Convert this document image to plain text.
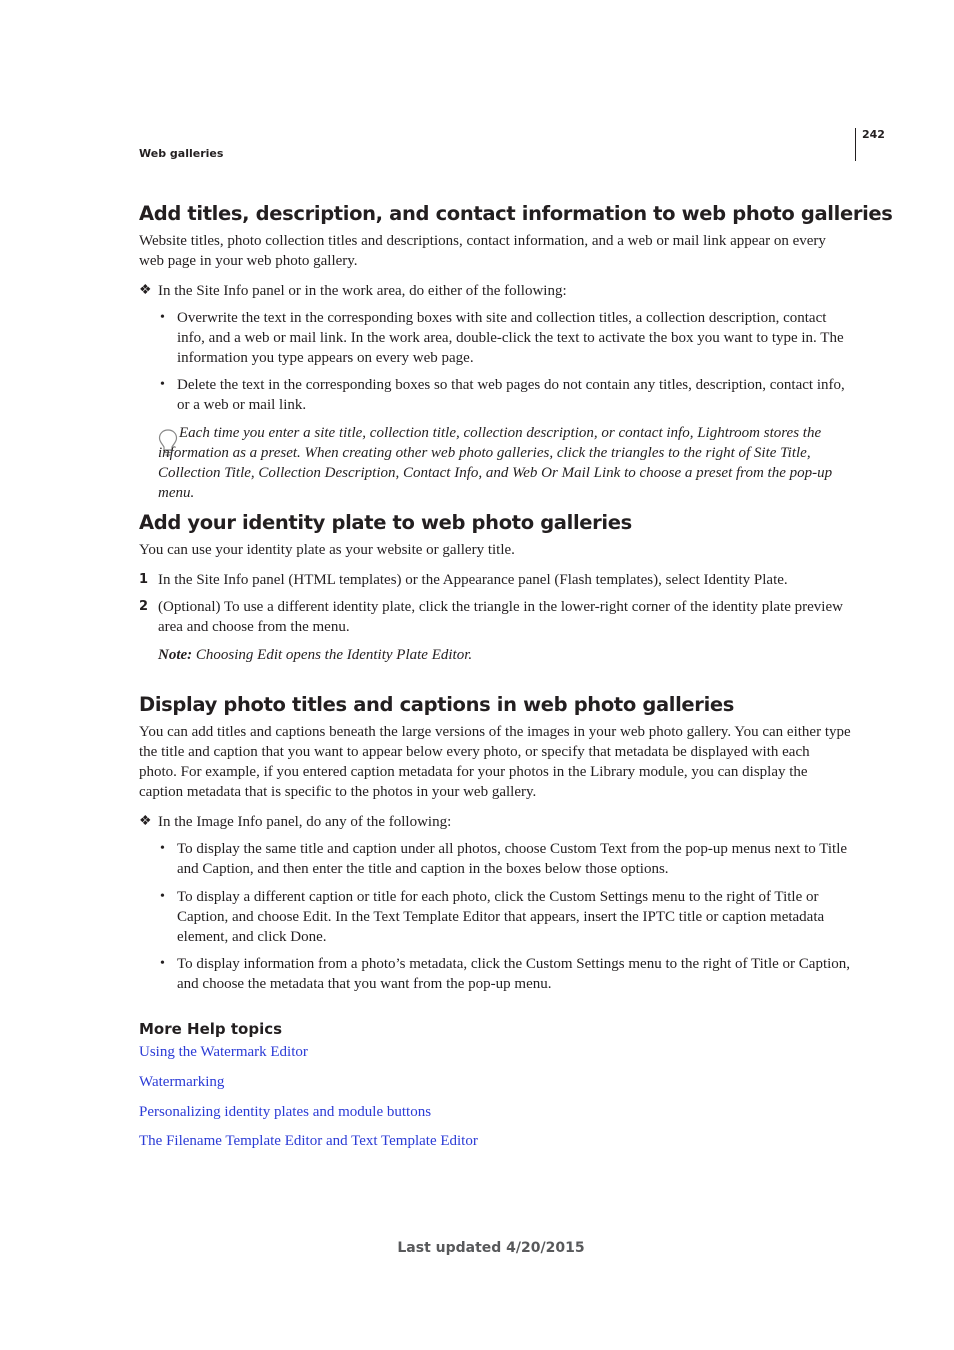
242
Web galleries
Add titles, description, and contact information to web photo galleries
Website titles, photo collection titles and descriptions, contact information, and a web or mail link appear on every web page in your web photo gallery.
❖ In the Site Info panel or in the work area, do either of the following:
• Overwrite the text in the corresponding boxes with site and collection titles, a collection description, contact info, and a web or mail link. In the work area, double-click the text to activate the box you want to type in. The information you type appears on every web page.
• Delete the text in the corresponding boxes so that web pages do not contain any titles, description, contact info, or a web or mail link.
Each time you enter a site title, collection title, collection description, or contact info, Lightroom stores the information as a preset. When creating other web photo galleries, click the triangles to the right of Site Title, Collection Title, Collection Description, Contact Info, and Web Or Mail Link to choose a preset from the pop-up menu.
Add your identity plate to web photo galleries
You can use your identity plate as your website or gallery title.
1 In the Site Info panel (HTML templates) or the Appearance panel (Flash templates), select Identity Plate.
2 (Optional) To use a different identity plate, click the triangle in the lower-right corner of the identity plate preview area and choose from the menu.
Note: Choosing Edit opens the Identity Plate Editor.
Display photo titles and captions in web photo galleries
You can add titles and captions beneath the large versions of the images in your web photo gallery. You can either type the title and caption that you want to appear below every photo, or specify that metadata be displayed with each photo. For example, if you entered caption metadata for your photos in the Library module, you can display the caption metadata that is specific to the photos in your web gallery.
❖ In the Image Info panel, do any of the following:
• To display the same title and caption under all photos, choose Custom Text from the pop-up menus next to Title and Caption, and then enter the title and caption in the boxes below those options.
• To display a different caption or title for each photo, click the Custom Settings menu to the right of Title or Caption, and choose Edit. In the Text Template Editor that appears, insert the IPTC title or caption metadata element, and click Done.
• To display information from a photo’s metadata, click the Custom Settings menu to the right of Title or Caption, and choose the metadata that you want from the pop-up menu.
More Help topics
Using the Watermark Editor
Watermarking
Personalizing identity plates and module buttons
The Filename Template Editor and Text Template Editor
Last updated 4/20/2015
